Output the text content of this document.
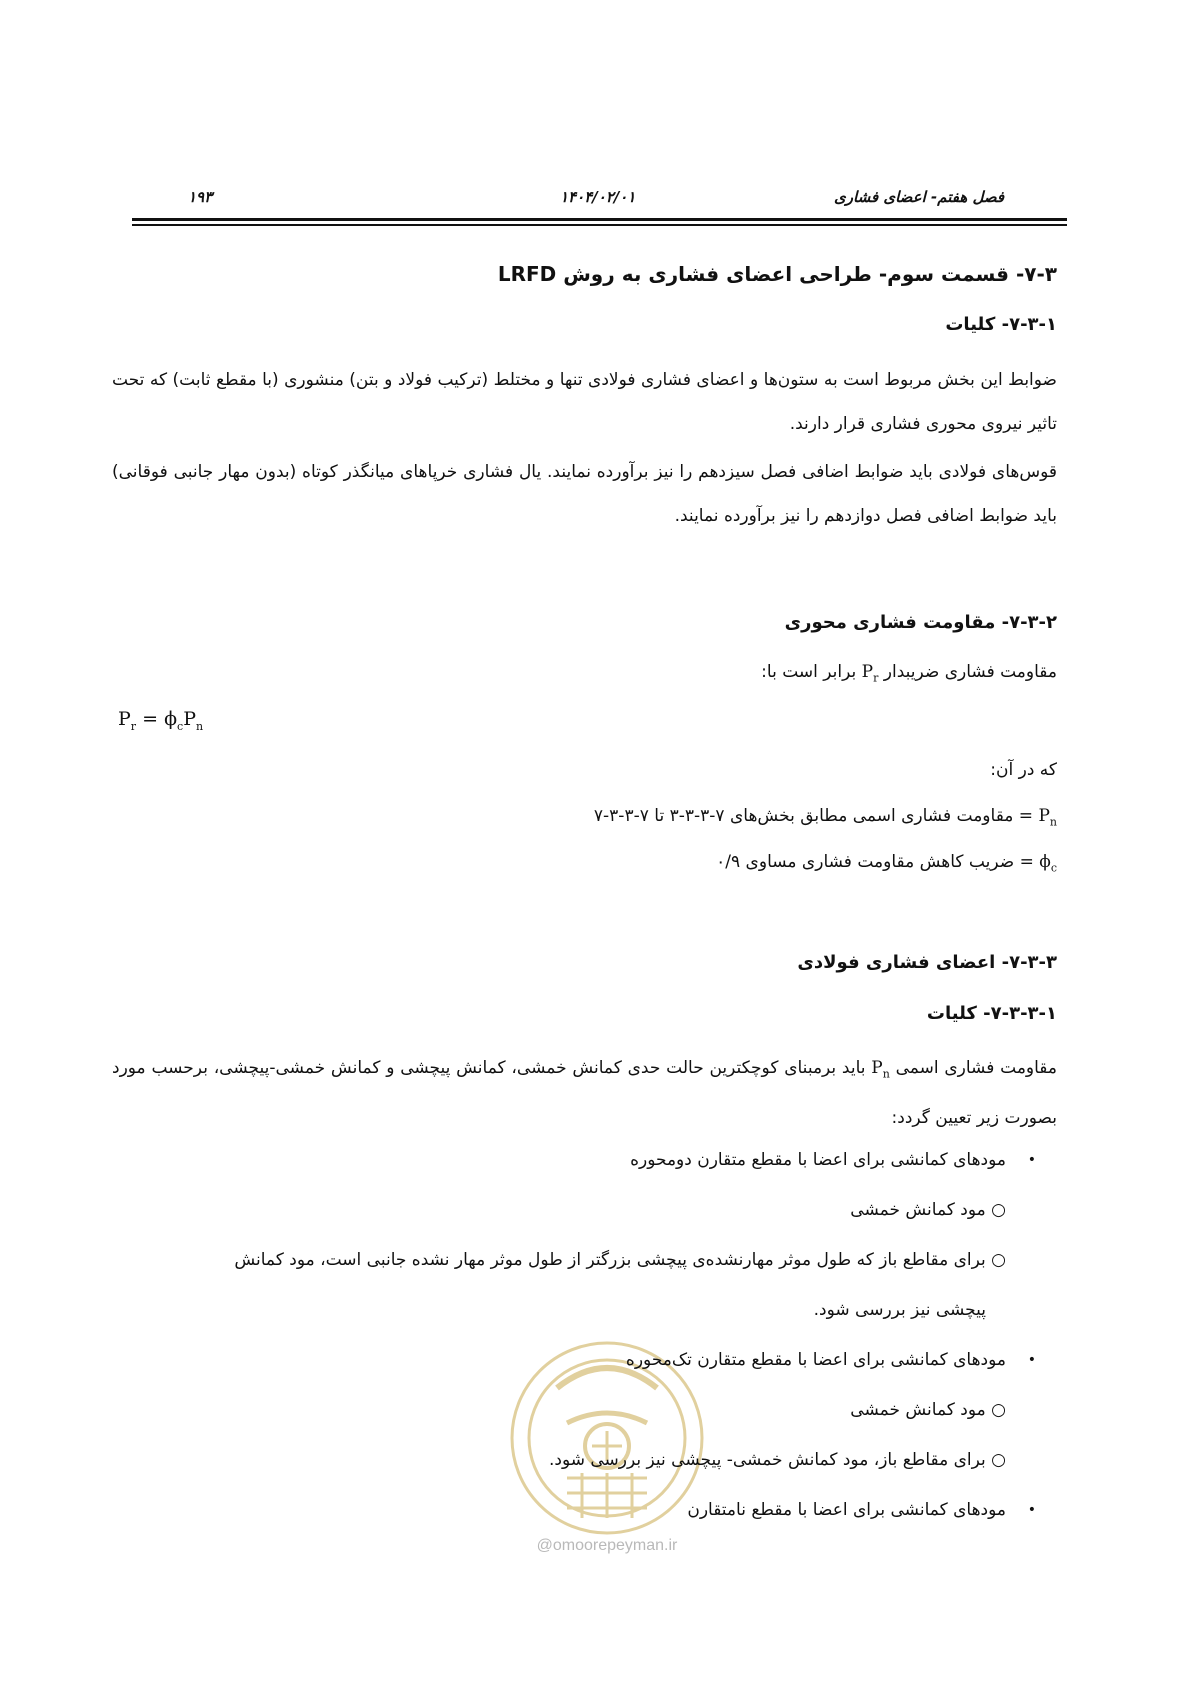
فصل هفتم- اعضای فشاری
۱۴۰۴/۰۲/۰۱
۱۹۳
۷-۳- قسمت سوم- طراحی اعضای فشاری به روش LRFD
۷-۳-۱- کلیات
ضوابط این بخش مربوط است به ستون‌ها و اعضای فشاری فولادی تنها و مختلط (ترکیب فولاد و بتن) منشوری (با مقطع ثابت) که تحت تاثیر نیروی محوری فشاری قرار دارند.
قوس‌های فولادی باید ضوابط اضافی فصل سیزدهم را نیز برآورده نمایند. یال فشاری خرپاهای میانگذر کوتاه (بدون مهار جانبی فوقانی) باید ضوابط اضافی فصل دوازدهم را نیز برآورده نمایند.
۷-۳-۲- مقاومت فشاری محوری
مقاومت فشاری ضریبدار $P_r$ برابر است با:
$P_r = \phi_cP_n$
که در آن:
$P_n$ = مقاومت فشاری اسمی مطابق بخش‌های ۷-۳-۳-۳ تا ۷-۳-۳-۷
$\phi_c$ = ضریب کاهش مقاومت فشاری مساوی ۰/۹
۷-۳-۳- اعضای فشاری فولادی
۷-۳-۳-۱- کلیات
مقاومت فشاری اسمی $P_n$ باید برمبنای کوچکترین حالت حدی کمانش خمشی، کمانش پیچشی و کمانش خمشی-پیچشی، برحسب مورد بصورت زیر تعیین گردد:
•
مودهای کمانشی برای اعضا با مقطع متقارن دومحوره
○ مود کمانش خمشی
○ برای مقاطع باز که طول موثر مهارنشده‌ی پیچشی بزرگتر از طول موثر مهار نشده جانبی است، مود کمانش
پیچشی نیز بررسی شود.
@omoorepeyman.ir
•
مودهای کمانشی برای اعضا با مقطع متقارن تک‌محوره
○ مود کمانش خمشی
○ برای مقاطع باز، مود کمانش خمشی- پیچشی نیز بررسی شود.
•
مودهای کمانشی برای اعضا با مقطع نامتقارن
